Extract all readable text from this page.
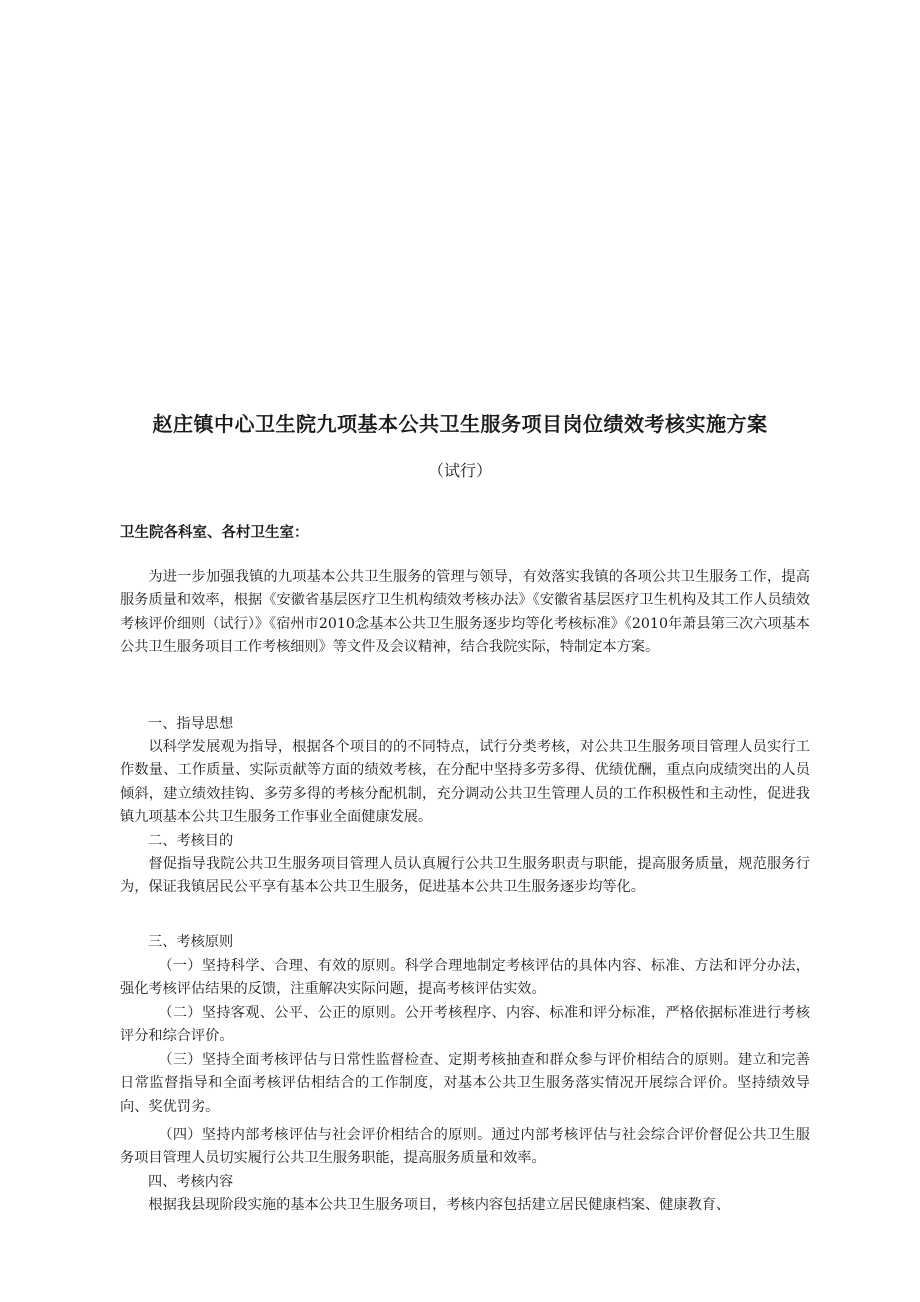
赵庄镇中心卫生院九项基本公共卫生服务项目岗位绩效考核实施方案

（试行）

卫生院各科室、各村卫生室：

为进一步加强我镇的九项基本公共卫生服务的管理与领导，有效落实我镇的各项公共卫生服务工作，提高服务质量和效率，根据《安徽省基层医疗卫生机构绩效考核办法》《安徽省基层医疗卫生机构及其工作人员绩效考核评价细则（试行）》《宿州市2010念基本公共卫生服务逐步均等化考核标准》《2010年萧县第三次六项基本公共卫生服务项目工作考核细则》等文件及会议精神，结合我院实际，特制定本方案。

一、指导思想

以科学发展观为指导，根据各个项目的的不同特点，试行分类考核，对公共卫生服务项目管理人员实行工作数量、工作质量、实际贡献等方面的绩效考核，在分配中坚持多劳多得、优绩优酬，重点向成绩突出的人员倾斜，建立绩效挂钩、多劳多得的考核分配机制，充分调动公共卫生管理人员的工作积极性和主动性，促进我镇九项基本公共卫生服务工作事业全面健康发展。

二、考核目的

督促指导我院公共卫生服务项目管理人员认真履行公共卫生服务职责与职能，提高服务质量，规范服务行为，保证我镇居民公平享有基本公共卫生服务，促进基本公共卫生服务逐步均等化。

三、考核原则

（一）坚持科学、合理、有效的原则。科学合理地制定考核评估的具体内容、标准、方法和评分办法，强化考核评估结果的反馈，注重解决实际问题，提高考核评估实效。

（二）坚持客观、公平、公正的原则。公开考核程序、内容、标准和评分标准，严格依据标准进行考核评分和综合评价。

（三）坚持全面考核评估与日常性监督检查、定期考核抽查和群众参与评价相结合的原则。建立和完善日常监督指导和全面考核评估相结合的工作制度，对基本公共卫生服务落实情况开展综合评价。坚持绩效导向、奖优罚劣。

（四）坚持内部考核评估与社会评价相结合的原则。通过内部考核评估与社会综合评价督促公共卫生服务项目管理人员切实履行公共卫生服务职能，提高服务质量和效率。

四、考核内容

根据我县现阶段实施的基本公共卫生服务项目，考核内容包括建立居民健康档案、健康教育、
